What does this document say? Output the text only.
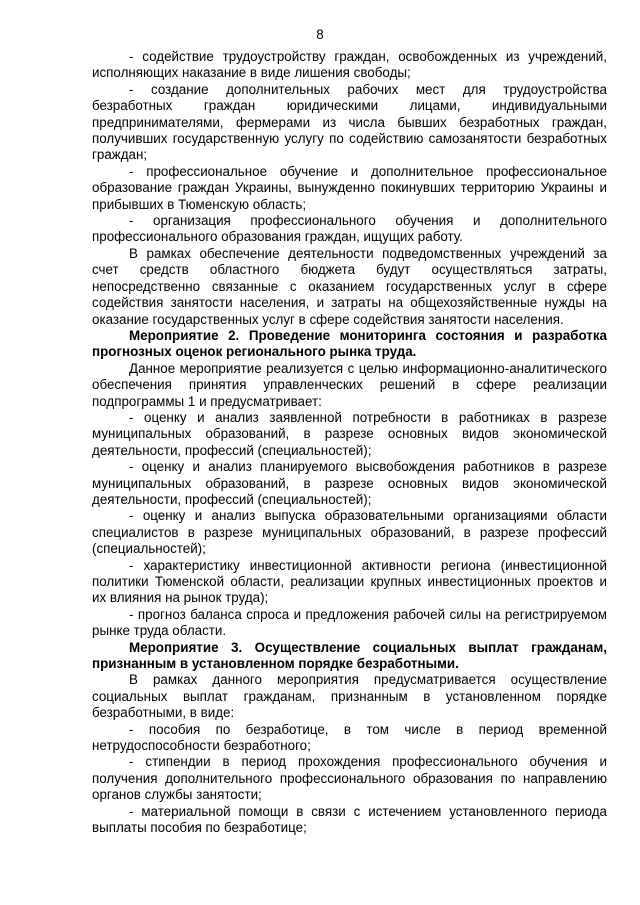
8

- содействие трудоустройству граждан, освобожденных из учреждений, исполняющих наказание в виде лишения свободы;

- создание дополнительных рабочих мест для трудоустройства безработных граждан юридическими лицами, индивидуальными предпринимателями, фермерами из числа бывших безработных граждан, получивших государственную услугу по содействию самозанятости безработных граждан;

- профессиональное обучение и дополнительное профессиональное образование граждан Украины, вынужденно покинувших территорию Украины и прибывших в Тюменскую область;

- организация профессионального обучения и дополнительного профессионального образования граждан, ищущих работу.

В рамках обеспечение деятельности подведомственных учреждений за счет средств областного бюджета будут осуществляться затраты, непосредственно связанные с оказанием государственных услуг в сфере содействия занятости населения, и затраты на общехозяйственные нужды на оказание государственных услуг в сфере содействия занятости населения.

Мероприятие 2. Проведение мониторинга состояния и разработка прогнозных оценок регионального рынка труда.

Данное мероприятие реализуется с целью информационно-аналитического обеспечения принятия управленческих решений в сфере реализации подпрограммы 1 и предусматривает:

- оценку и анализ заявленной потребности в работниках в разрезе муниципальных образований, в разрезе основных видов экономической деятельности, профессий (специальностей);

- оценку и анализ планируемого высвобождения работников в разрезе муниципальных образований, в разрезе основных видов экономической деятельности, профессий (специальностей);

- оценку и анализ выпуска образовательными организациями области специалистов в разрезе муниципальных образований, в разрезе профессий (специальностей);

- характеристику инвестиционной активности региона (инвестиционной политики Тюменской области, реализации крупных инвестиционных проектов и их влияния на рынок труда);

- прогноз баланса спроса и предложения рабочей силы на регистрируемом рынке труда области.

Мероприятие 3. Осуществление социальных выплат гражданам, признанным в установленном порядке безработными.

В рамках данного мероприятия предусматривается осуществление социальных выплат гражданам, признанным в установленном порядке безработными, в виде:

- пособия по безработице, в том числе в период временной нетрудоспособности безработного;

- стипендии в период прохождения профессионального обучения и получения дополнительного профессионального образования по направлению органов службы занятости;

- материальной помощи в связи с истечением установленного периода выплаты пособия по безработице;
